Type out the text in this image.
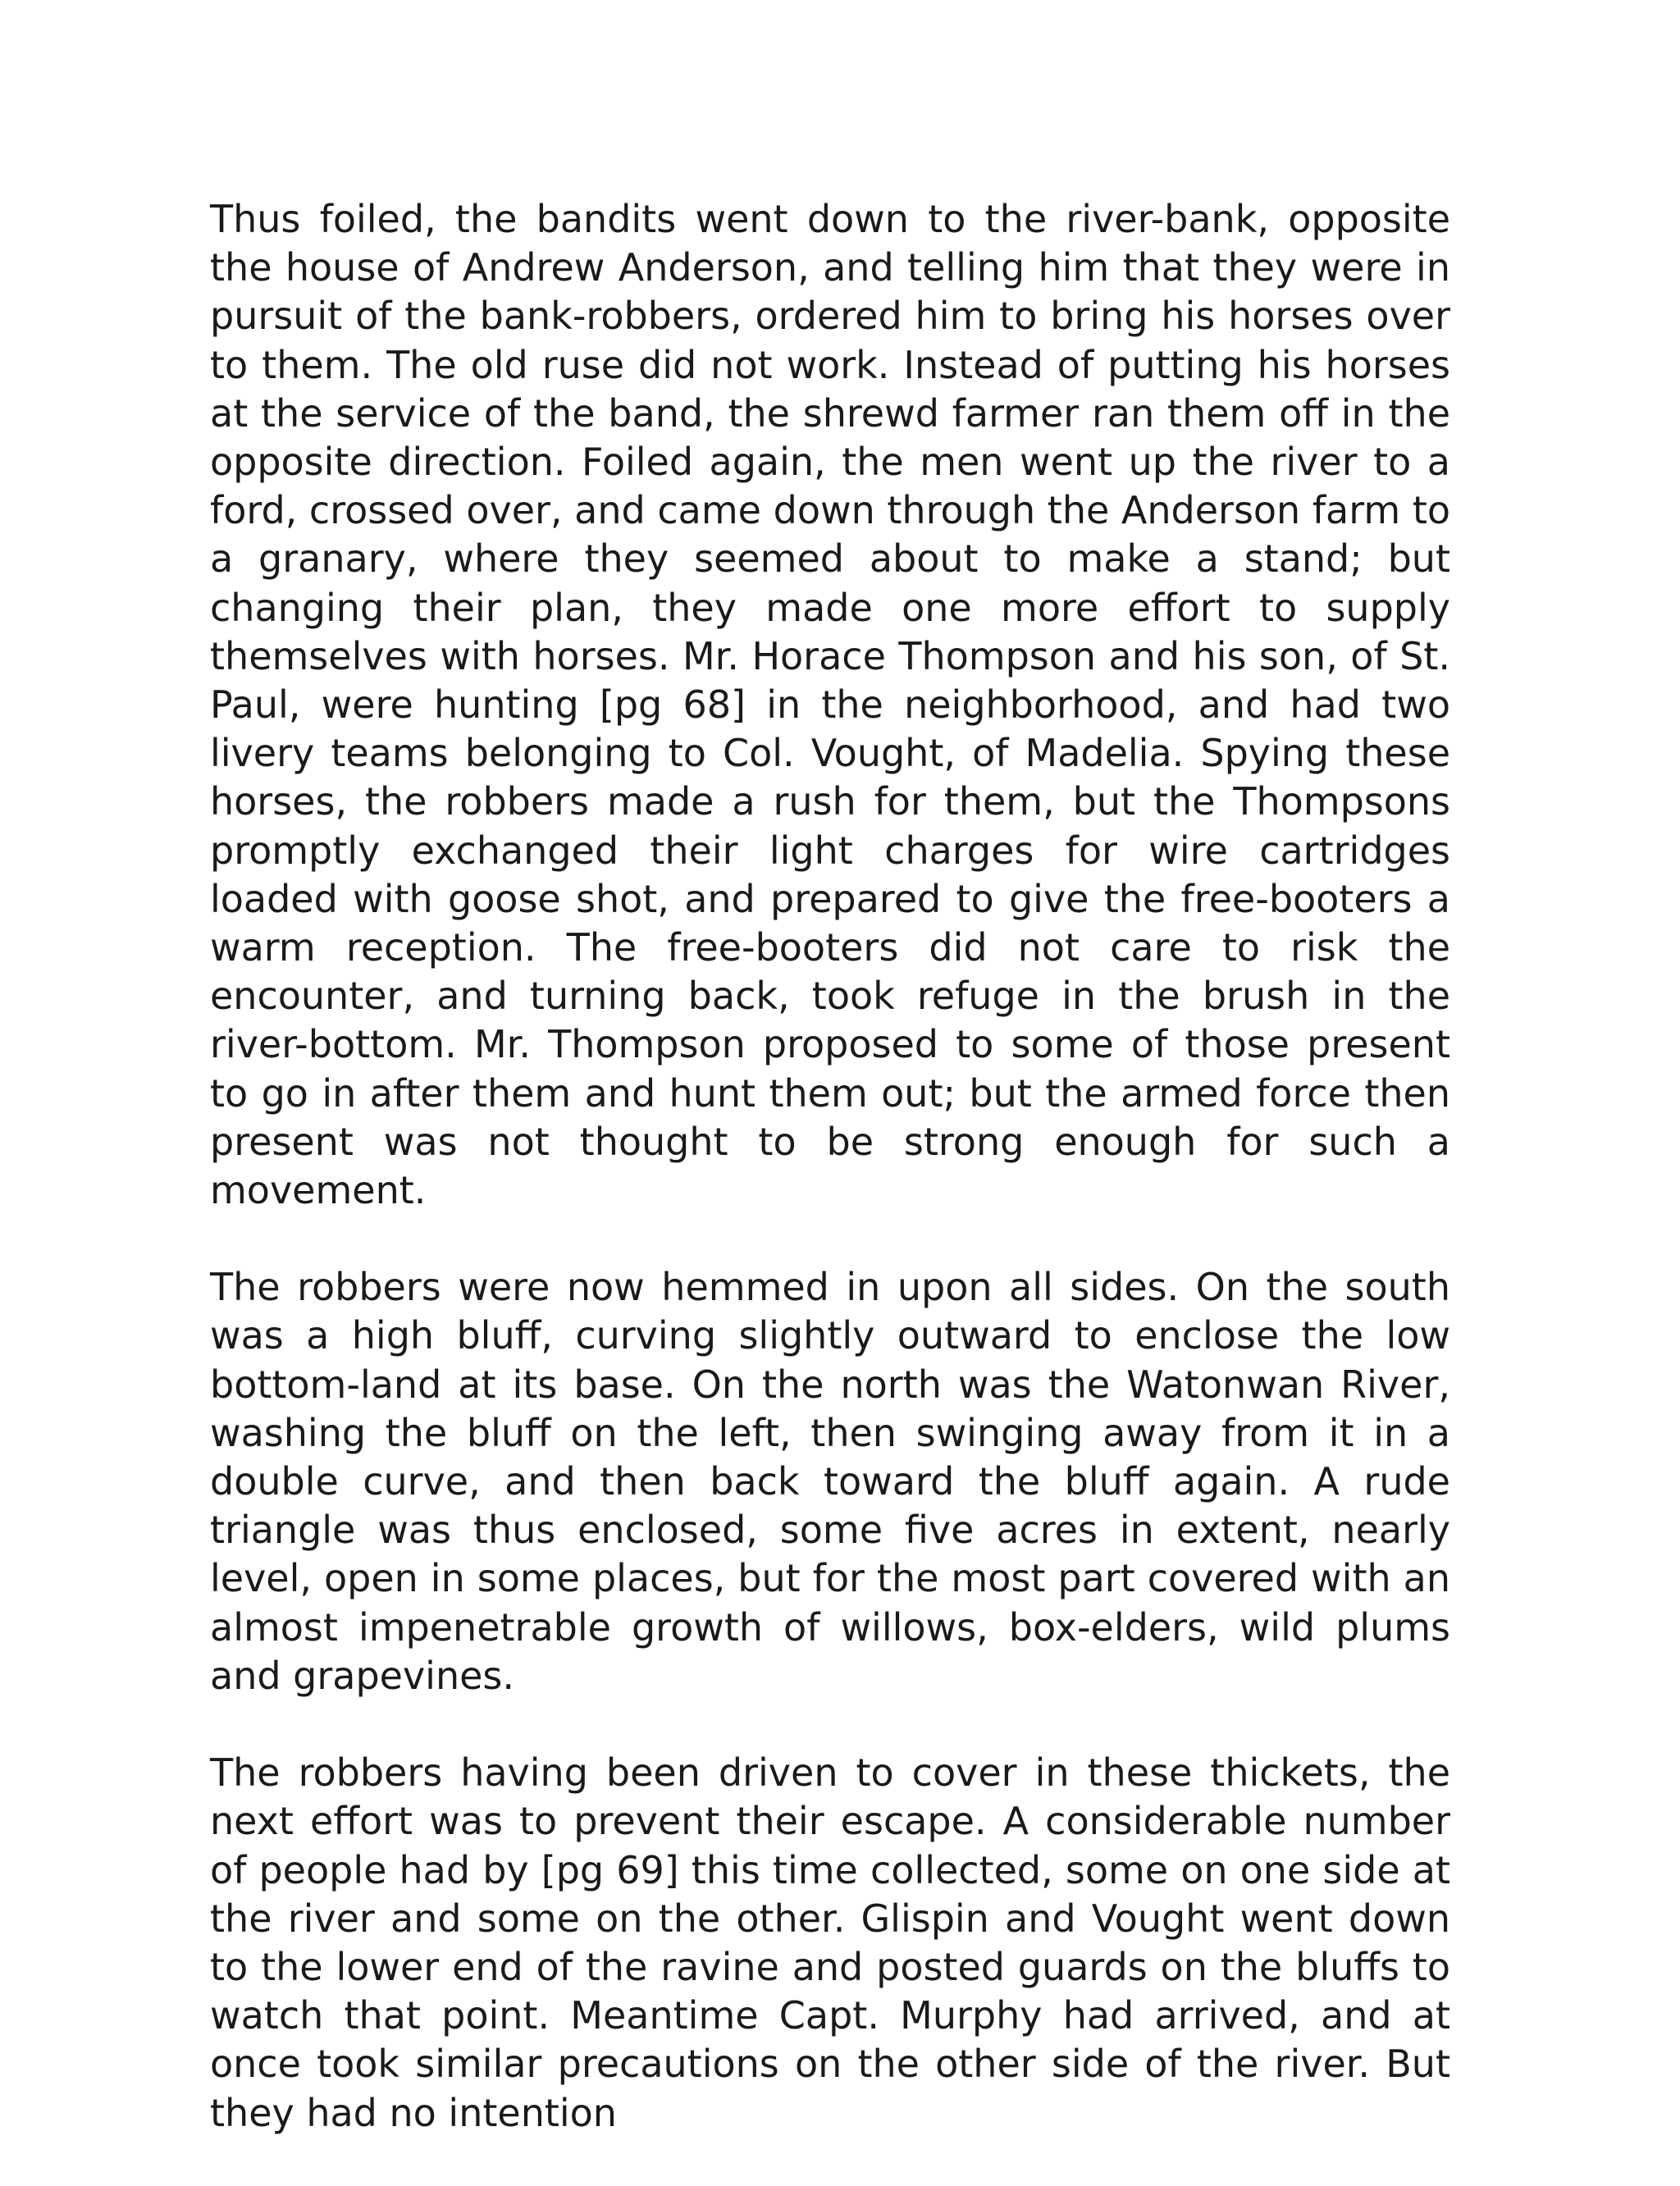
Thus foiled, the bandits went down to the river-bank, opposite the house of Andrew Anderson, and telling him that they were in pursuit of the bank-robbers, ordered him to bring his horses over to them. The old ruse did not work. Instead of putting his horses at the service of the band, the shrewd farmer ran them off in the opposite direction. Foiled again, the men went up the river to a ford, crossed over, and came down through the Anderson farm to a granary, where they seemed about to make a stand; but changing their plan, they made one more effort to supply themselves with horses. Mr. Horace Thompson and his son, of St. Paul, were hunting [pg 68] in the neighborhood, and had two livery teams belonging to Col. Vought, of Madelia. Spying these horses, the robbers made a rush for them, but the Thompsons promptly exchanged their light charges for wire cartridges loaded with goose shot, and prepared to give the free-booters a warm reception. The free-booters did not care to risk the encounter, and turning back, took refuge in the brush in the river-bottom. Mr. Thompson proposed to some of those present to go in after them and hunt them out; but the armed force then present was not thought to be strong enough for such a movement.

The robbers were now hemmed in upon all sides. On the south was a high bluff, curving slightly outward to enclose the low bottom-land at its base. On the north was the Watonwan River, washing the bluff on the left, then swinging away from it in a double curve, and then back toward the bluff again. A rude triangle was thus enclosed, some five acres in extent, nearly level, open in some places, but for the most part covered with an almost impenetrable growth of willows, box-elders, wild plums and grapevines.

The robbers having been driven to cover in these thickets, the next effort was to prevent their escape. A considerable number of people had by [pg 69] this time collected, some on one side at the river and some on the other. Glispin and Vought went down to the lower end of the ravine and posted guards on the bluffs to watch that point. Meantime Capt. Murphy had arrived, and at once took similar precautions on the other side of the river. But they had no intention
